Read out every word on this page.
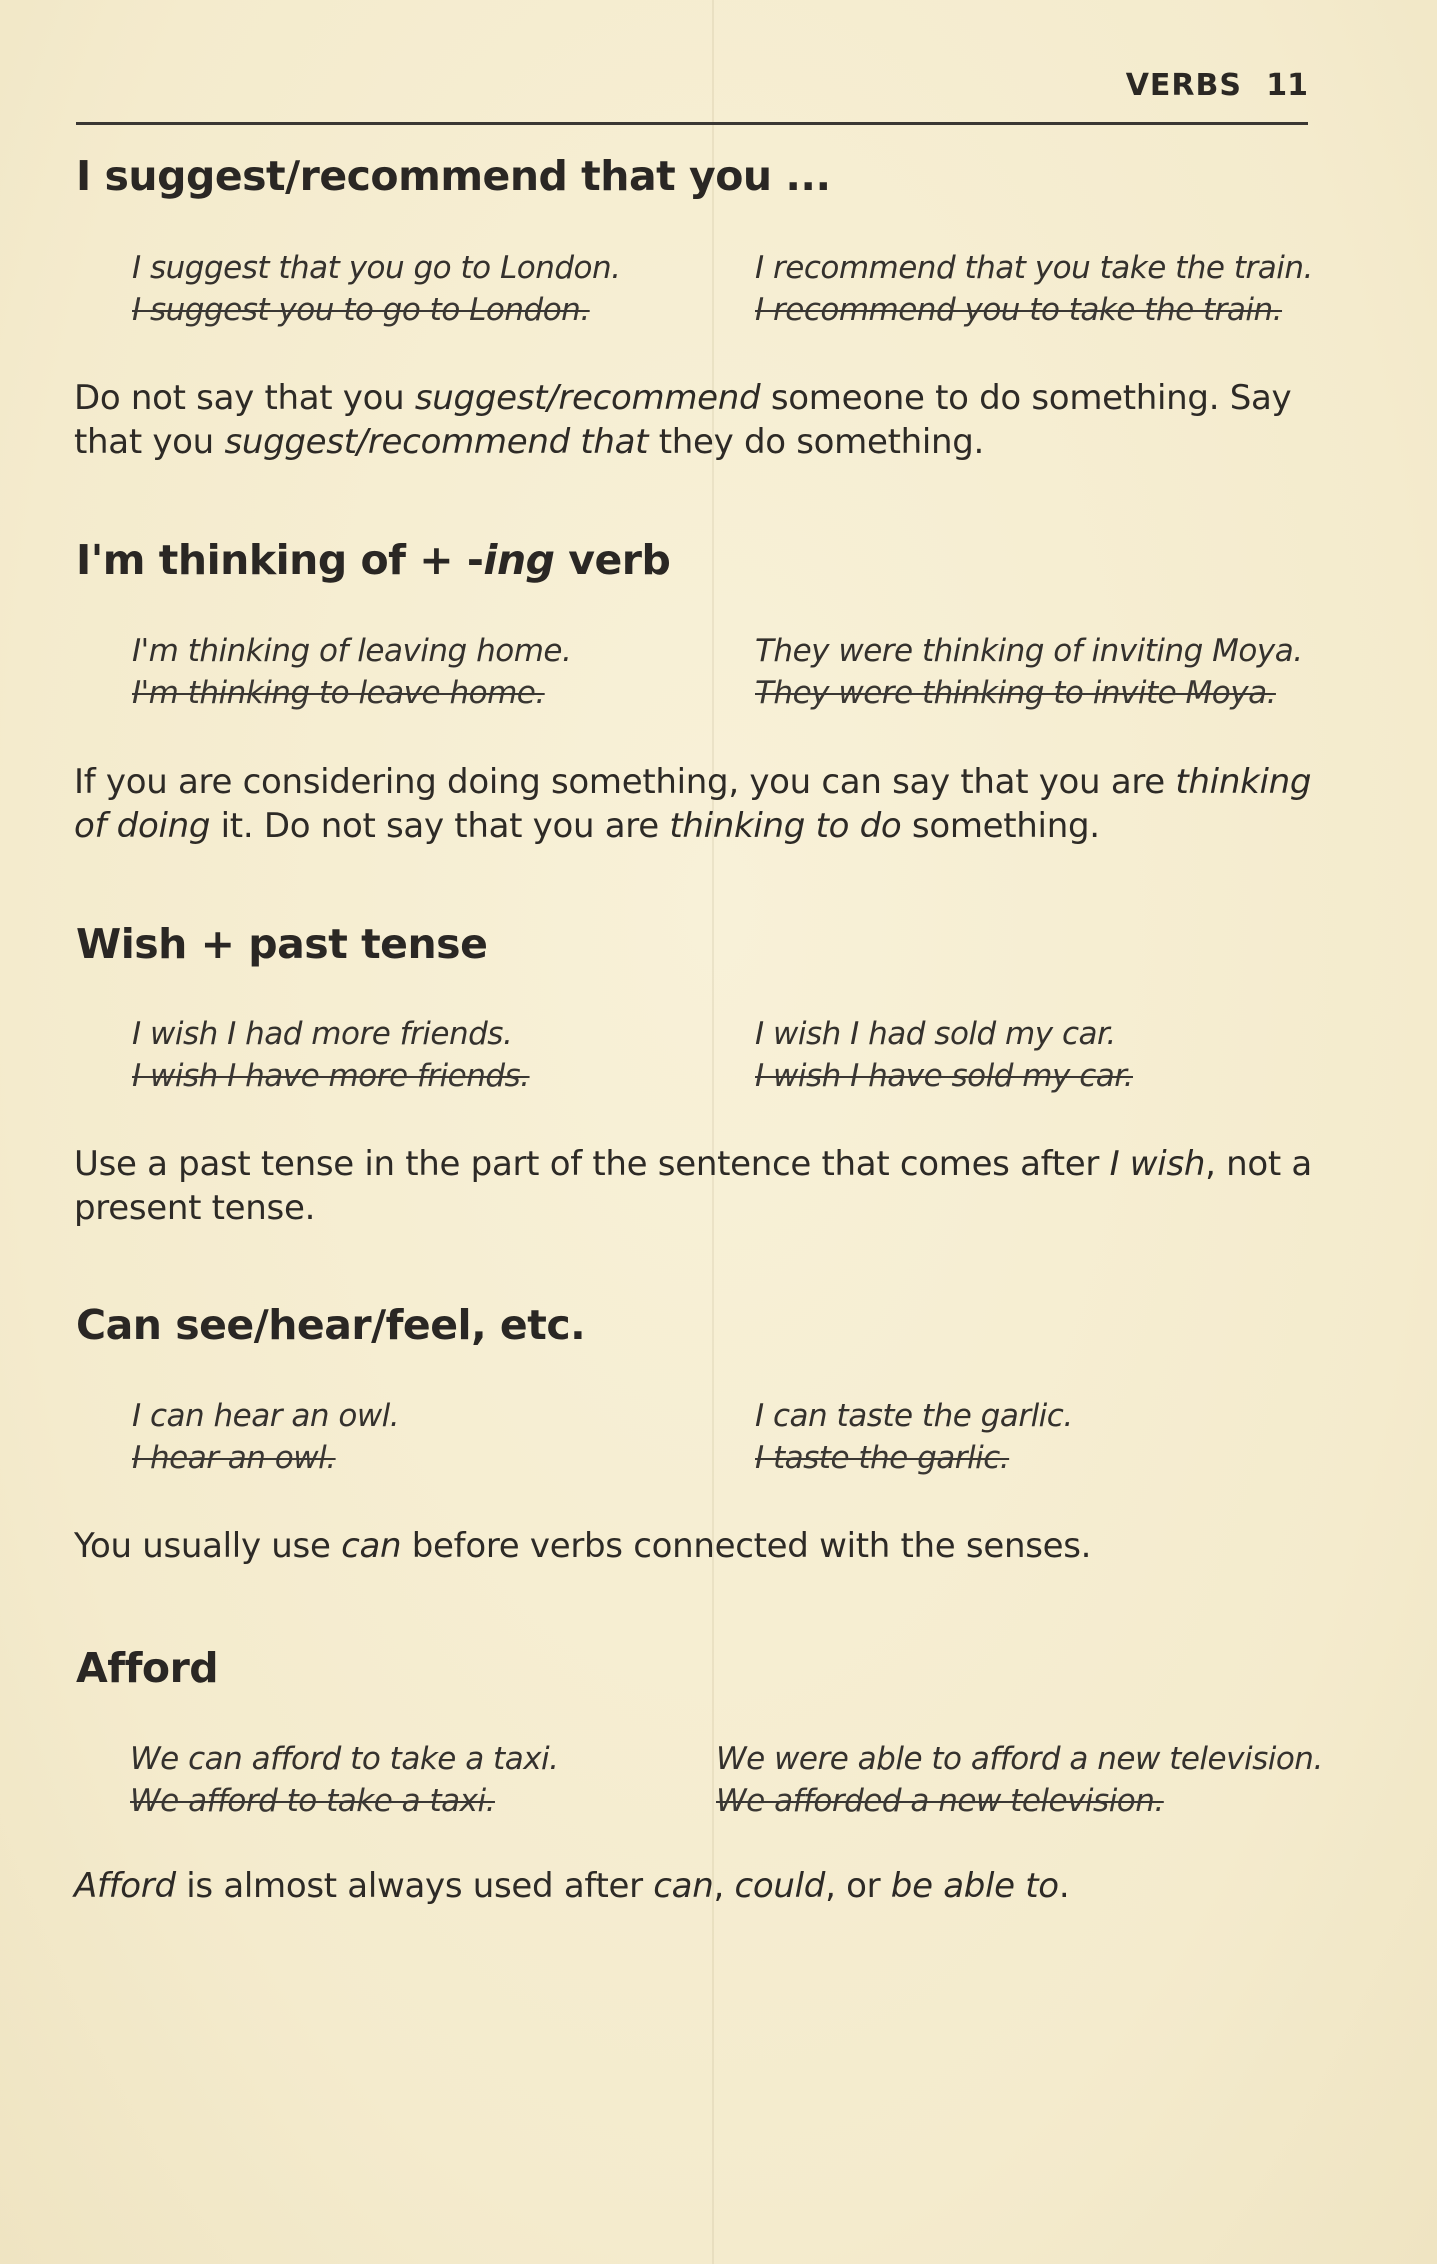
VERBS 11
I suggest/recommend that you ...
I suggest that you go to London.
I suggest you to go to London.
I recommend that you take the train.
I recommend you to take the train.
Do not say that you suggest/recommend someone to do something. Say that you suggest/recommend that they do something.
I'm thinking of + -ing verb
I'm thinking of leaving home.
I'm thinking to leave home.
They were thinking of inviting Moya.
They were thinking to invite Moya.
If you are considering doing something, you can say that you are thinking of doing it. Do not say that you are thinking to do something.
Wish + past tense
I wish I had more friends.
I wish I have more friends.
I wish I had sold my car.
I wish I have sold my car.
Use a past tense in the part of the sentence that comes after I wish, not a present tense.
Can see/hear/feel, etc.
I can hear an owl.
I hear an owl.
I can taste the garlic.
I taste the garlic.
You usually use can before verbs connected with the senses.
Afford
We can afford to take a taxi.
We afford to take a taxi.
We were able to afford a new television.
We afforded a new television.
Afford is almost always used after can, could, or be able to.
